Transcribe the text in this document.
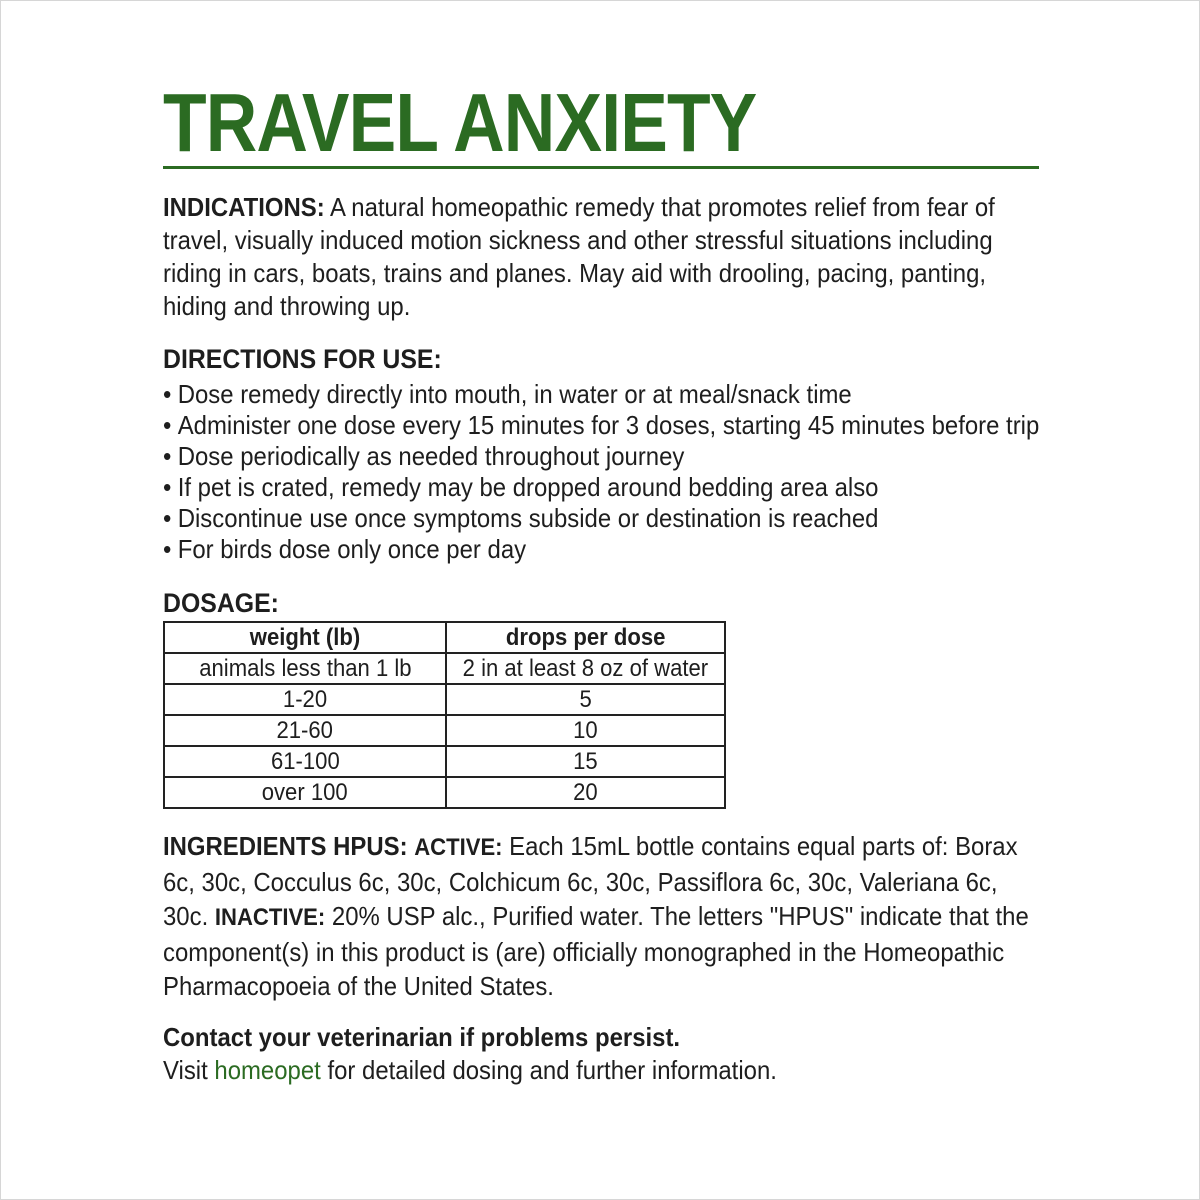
TRAVEL ANXIETY

INDICATIONS: A natural homeopathic remedy that promotes relief from fear of travel, visually induced motion sickness and other stressful situations including riding in cars, boats, trains and planes. May aid with drooling, pacing, panting, hiding and throwing up.

DIRECTIONS FOR USE:
• Dose remedy directly into mouth, in water or at meal/snack time
• Administer one dose every 15 minutes for 3 doses, starting 45 minutes before trip
• Dose periodically as needed throughout journey
• If pet is crated, remedy may be dropped around bedding area also
• Discontinue use once symptoms subside or destination is reached
• For birds dose only once per day
DOSAGE:
weight (lb)	drops per dose
animals less than 1 lb	2 in at least 8 oz of water
1-20	5
21-60	10
61-100	15
over 100	20

INGREDIENTS HPUS: ACTIVE: Each 15mL bottle contains equal parts of: Borax 6c, 30c, Cocculus 6c, 30c, Colchicum 6c, 30c, Passiflora 6c, 30c, Valeriana 6c, 30c. INACTIVE: 20% USP alc., Purified water. The letters "HPUS" indicate that the component(s) in this product is (are) officially monographed in the Homeopathic Pharmacopoeia of the United States.

Contact your veterinarian if problems persist.

Visit homeopet for detailed dosing and further information.
